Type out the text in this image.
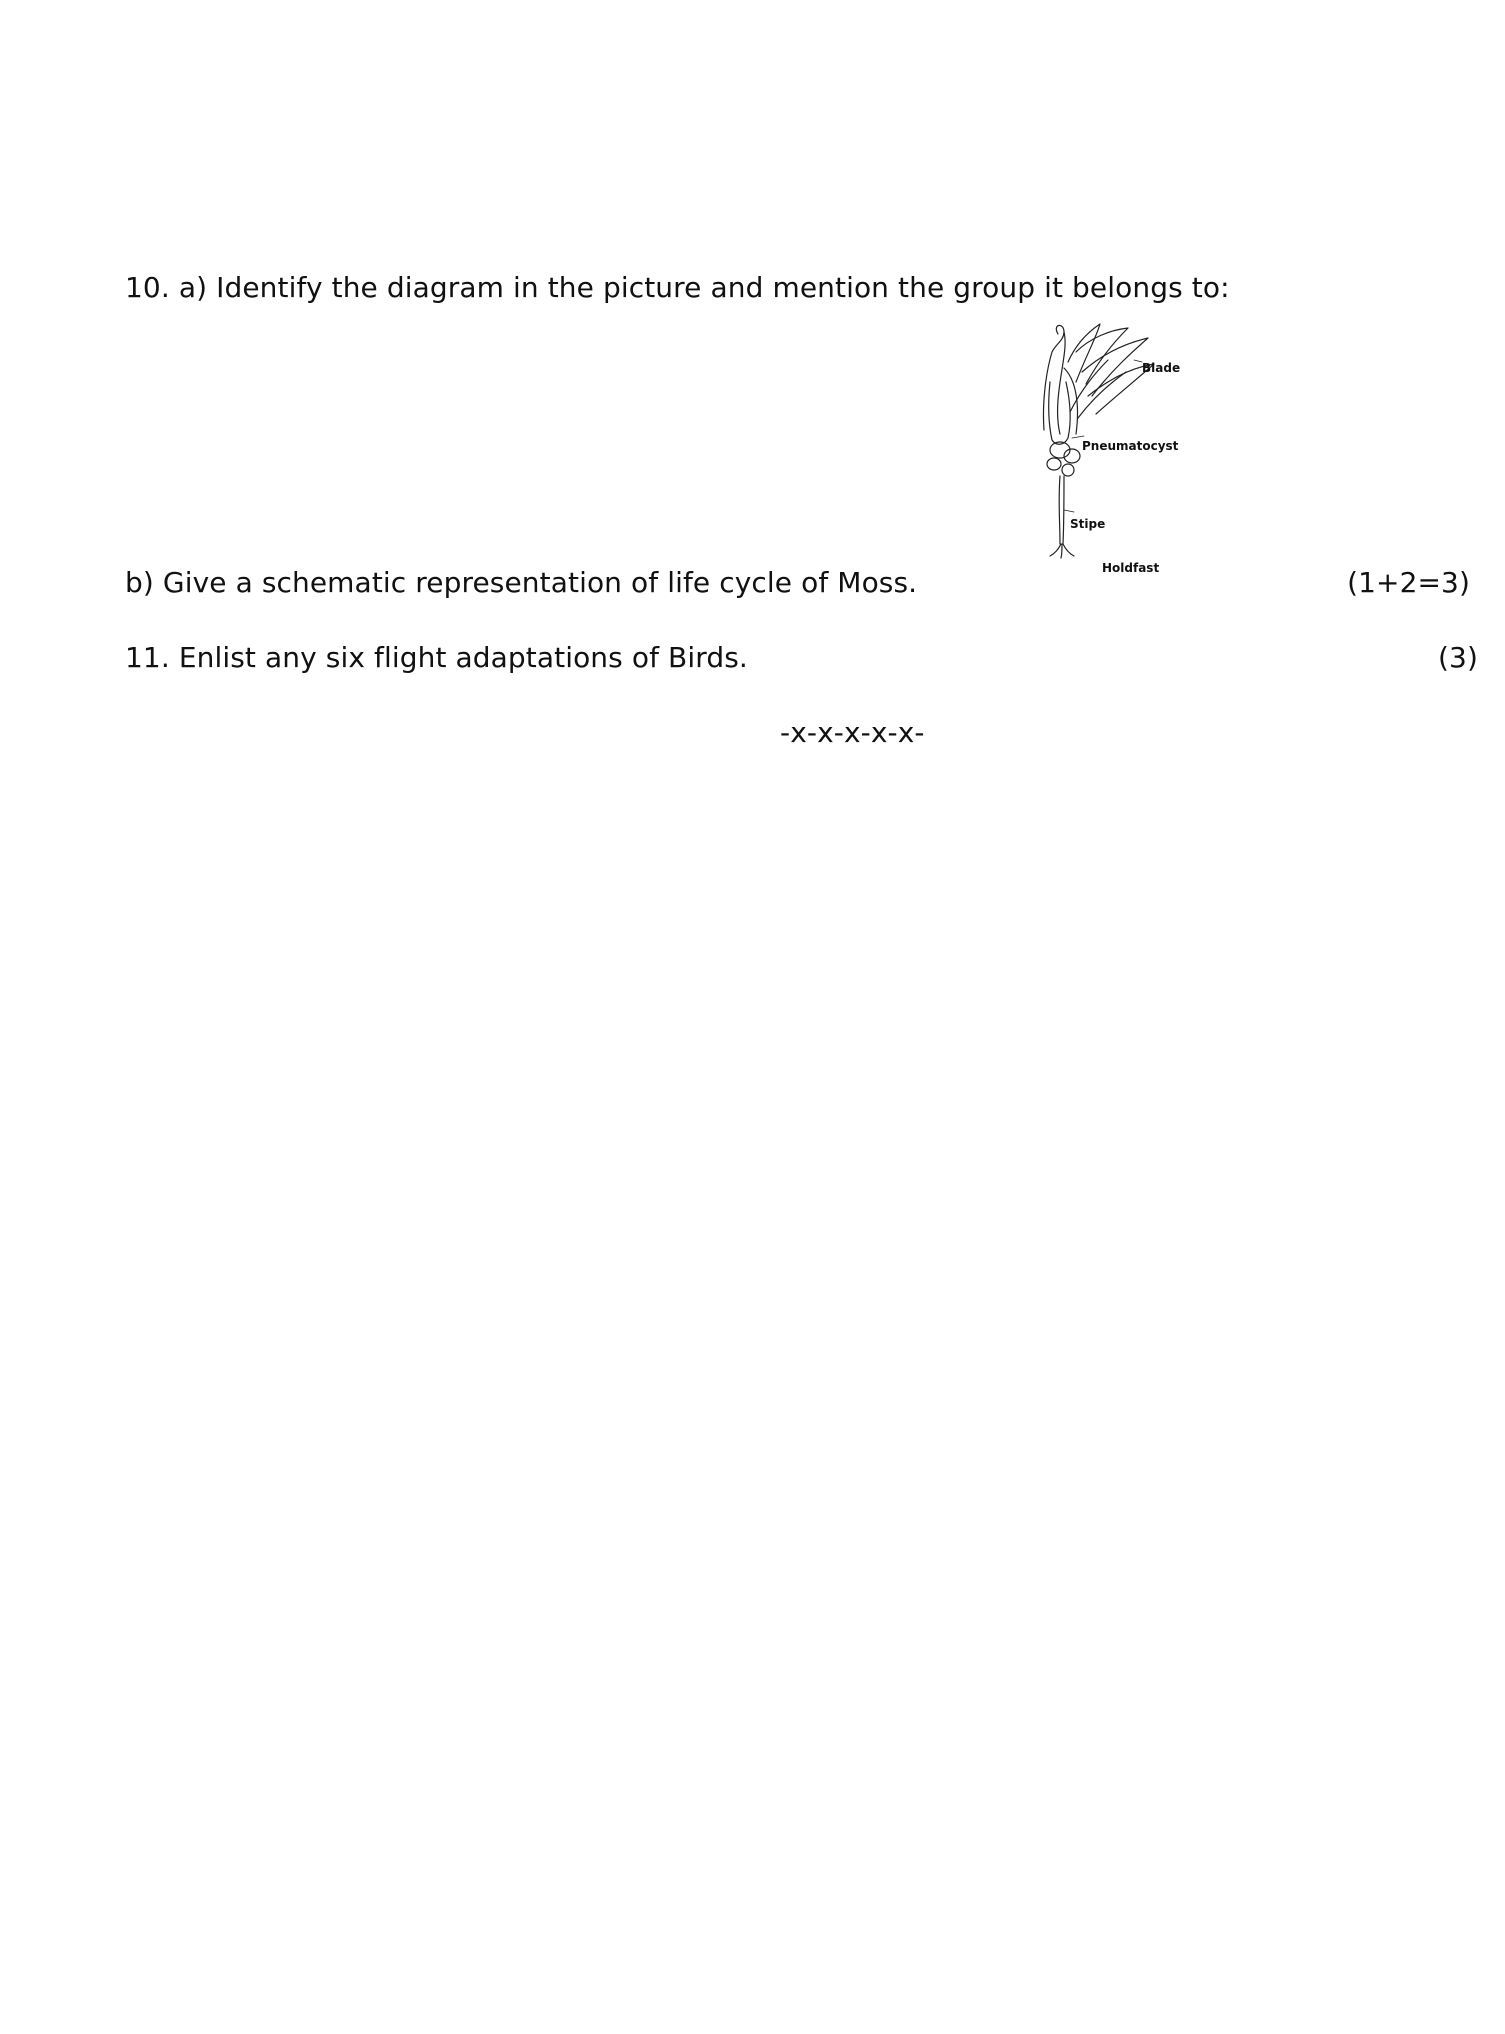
10. a) Identify the diagram in the picture and mention the group it belongs to:
Blade
Pneumatocyst
Stipe
Holdfast
b) Give a schematic representation of life cycle of Moss.	(1+2=3)
11. Enlist any six flight adaptations of Birds.	(3)
-x-x-x-x-x-
